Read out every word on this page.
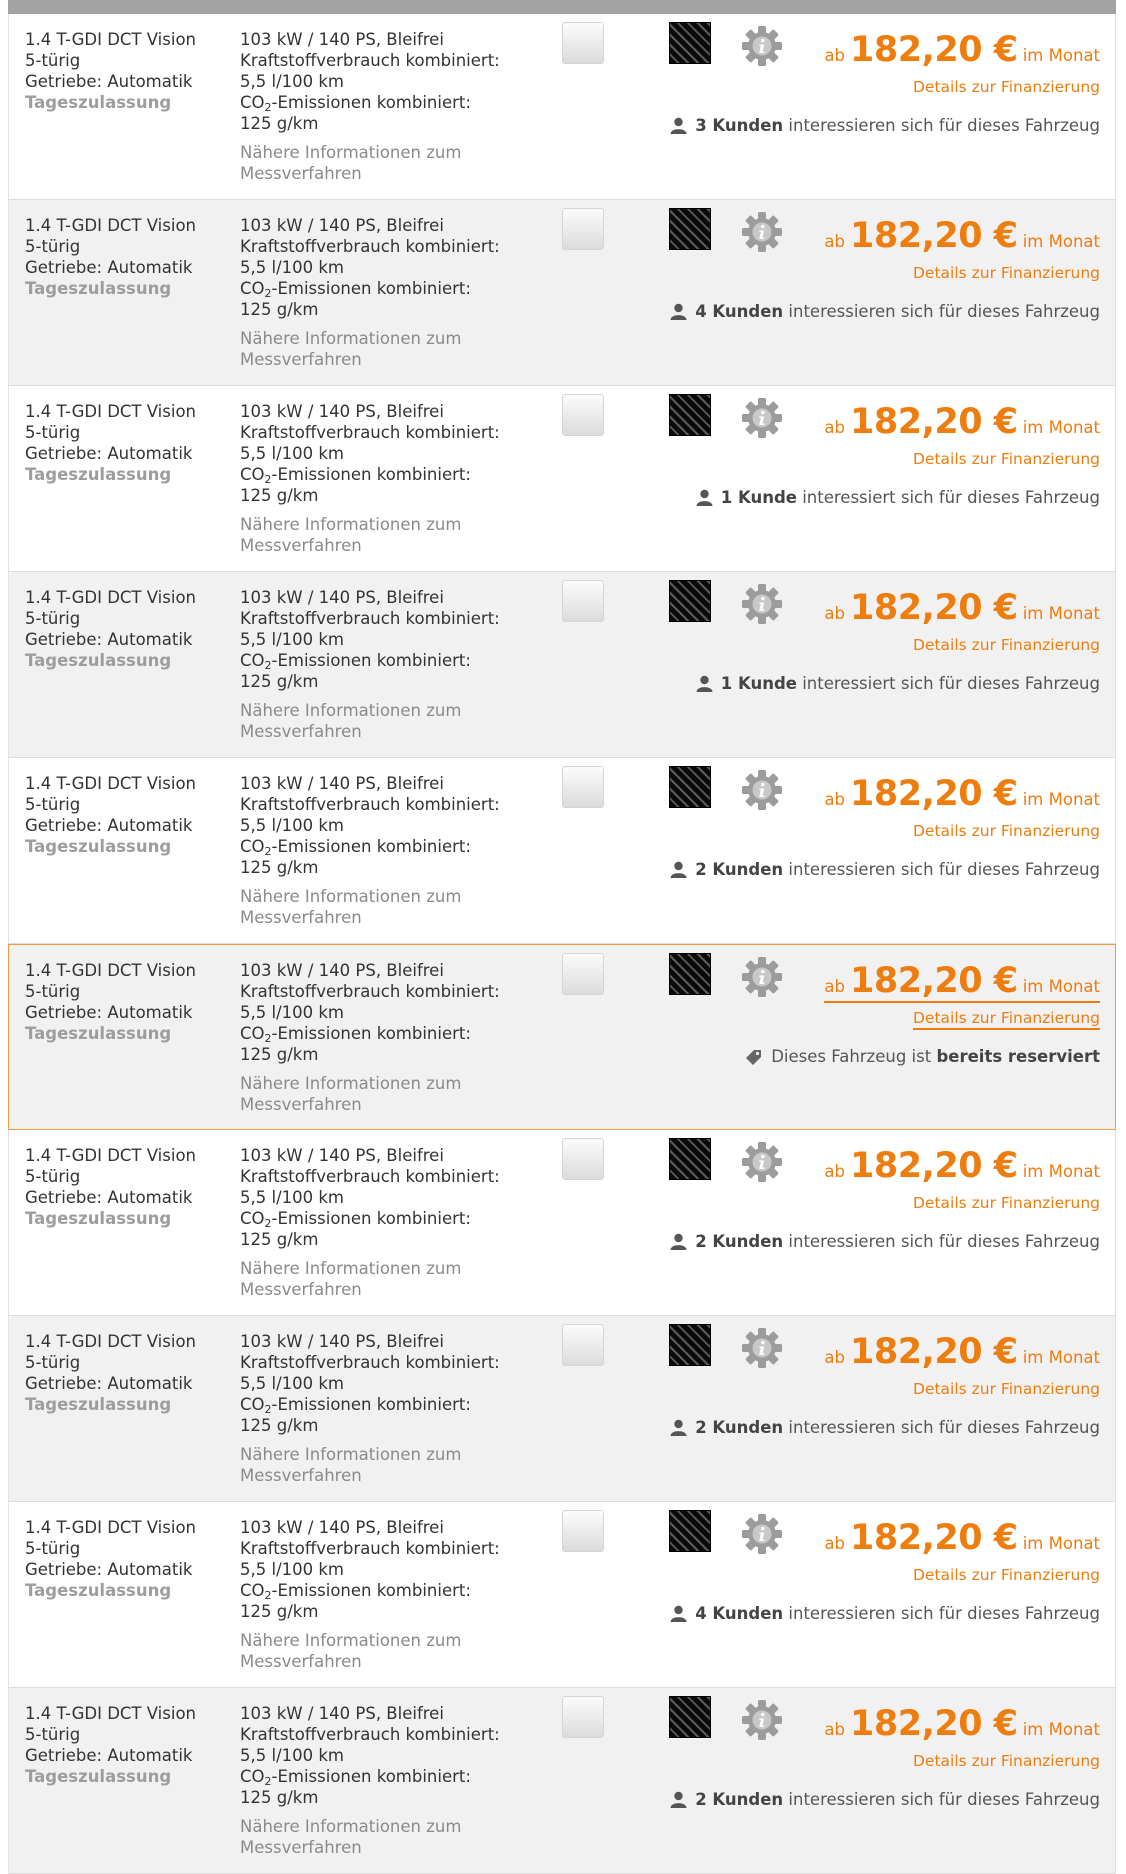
1.4 T-GDI DCT Vision
5-türig
Getriebe: Automatik
Tageszulassung
103 kW / 140 PS, Bleifrei
Kraftstoffverbrauch kombiniert:
5,5 l/100 km
$CO_2$-Emissionen kombiniert:
125 g/km
Nähere Informationen zum Messverfahren
ab 182,20 € im Monat
Details zur Finanzierung
3 Kunden interessieren sich für dieses Fahrzeug
1.4 T-GDI DCT Vision
5-türig
Getriebe: Automatik
Tageszulassung
103 kW / 140 PS, Bleifrei
Kraftstoffverbrauch kombiniert:
5,5 l/100 km
$CO_2$-Emissionen kombiniert:
125 g/km
Nähere Informationen zum Messverfahren
ab 182,20 € im Monat
Details zur Finanzierung
4 Kunden interessieren sich für dieses Fahrzeug
1.4 T-GDI DCT Vision
5-türig
Getriebe: Automatik
Tageszulassung
103 kW / 140 PS, Bleifrei
Kraftstoffverbrauch kombiniert:
5,5 l/100 km
$CO_2$-Emissionen kombiniert:
125 g/km
Nähere Informationen zum Messverfahren
ab 182,20 € im Monat
Details zur Finanzierung
1 Kunde interessiert sich für dieses Fahrzeug
1.4 T-GDI DCT Vision
5-türig
Getriebe: Automatik
Tageszulassung
103 kW / 140 PS, Bleifrei
Kraftstoffverbrauch kombiniert:
5,5 l/100 km
$CO_2$-Emissionen kombiniert:
125 g/km
Nähere Informationen zum Messverfahren
ab 182,20 € im Monat
Details zur Finanzierung
1 Kunde interessiert sich für dieses Fahrzeug
1.4 T-GDI DCT Vision
5-türig
Getriebe: Automatik
Tageszulassung
103 kW / 140 PS, Bleifrei
Kraftstoffverbrauch kombiniert:
5,5 l/100 km
$CO_2$-Emissionen kombiniert:
125 g/km
Nähere Informationen zum Messverfahren
ab 182,20 € im Monat
Details zur Finanzierung
2 Kunden interessieren sich für dieses Fahrzeug
1.4 T-GDI DCT Vision
5-türig
Getriebe: Automatik
Tageszulassung
103 kW / 140 PS, Bleifrei
Kraftstoffverbrauch kombiniert:
5,5 l/100 km
$CO_2$-Emissionen kombiniert:
125 g/km
Nähere Informationen zum Messverfahren
ab 182,20 € im Monat
Details zur Finanzierung
Dieses Fahrzeug ist bereits reserviert
1.4 T-GDI DCT Vision
5-türig
Getriebe: Automatik
Tageszulassung
103 kW / 140 PS, Bleifrei
Kraftstoffverbrauch kombiniert:
5,5 l/100 km
$CO_2$-Emissionen kombiniert:
125 g/km
Nähere Informationen zum Messverfahren
ab 182,20 € im Monat
Details zur Finanzierung
2 Kunden interessieren sich für dieses Fahrzeug
1.4 T-GDI DCT Vision
5-türig
Getriebe: Automatik
Tageszulassung
103 kW / 140 PS, Bleifrei
Kraftstoffverbrauch kombiniert:
5,5 l/100 km
$CO_2$-Emissionen kombiniert:
125 g/km
Nähere Informationen zum Messverfahren
ab 182,20 € im Monat
Details zur Finanzierung
2 Kunden interessieren sich für dieses Fahrzeug
1.4 T-GDI DCT Vision
5-türig
Getriebe: Automatik
Tageszulassung
103 kW / 140 PS, Bleifrei
Kraftstoffverbrauch kombiniert:
5,5 l/100 km
$CO_2$-Emissionen kombiniert:
125 g/km
Nähere Informationen zum Messverfahren
ab 182,20 € im Monat
Details zur Finanzierung
4 Kunden interessieren sich für dieses Fahrzeug
1.4 T-GDI DCT Vision
5-türig
Getriebe: Automatik
Tageszulassung
103 kW / 140 PS, Bleifrei
Kraftstoffverbrauch kombiniert:
5,5 l/100 km
$CO_2$-Emissionen kombiniert:
125 g/km
Nähere Informationen zum Messverfahren
ab 182,20 € im Monat
Details zur Finanzierung
2 Kunden interessieren sich für dieses Fahrzeug
